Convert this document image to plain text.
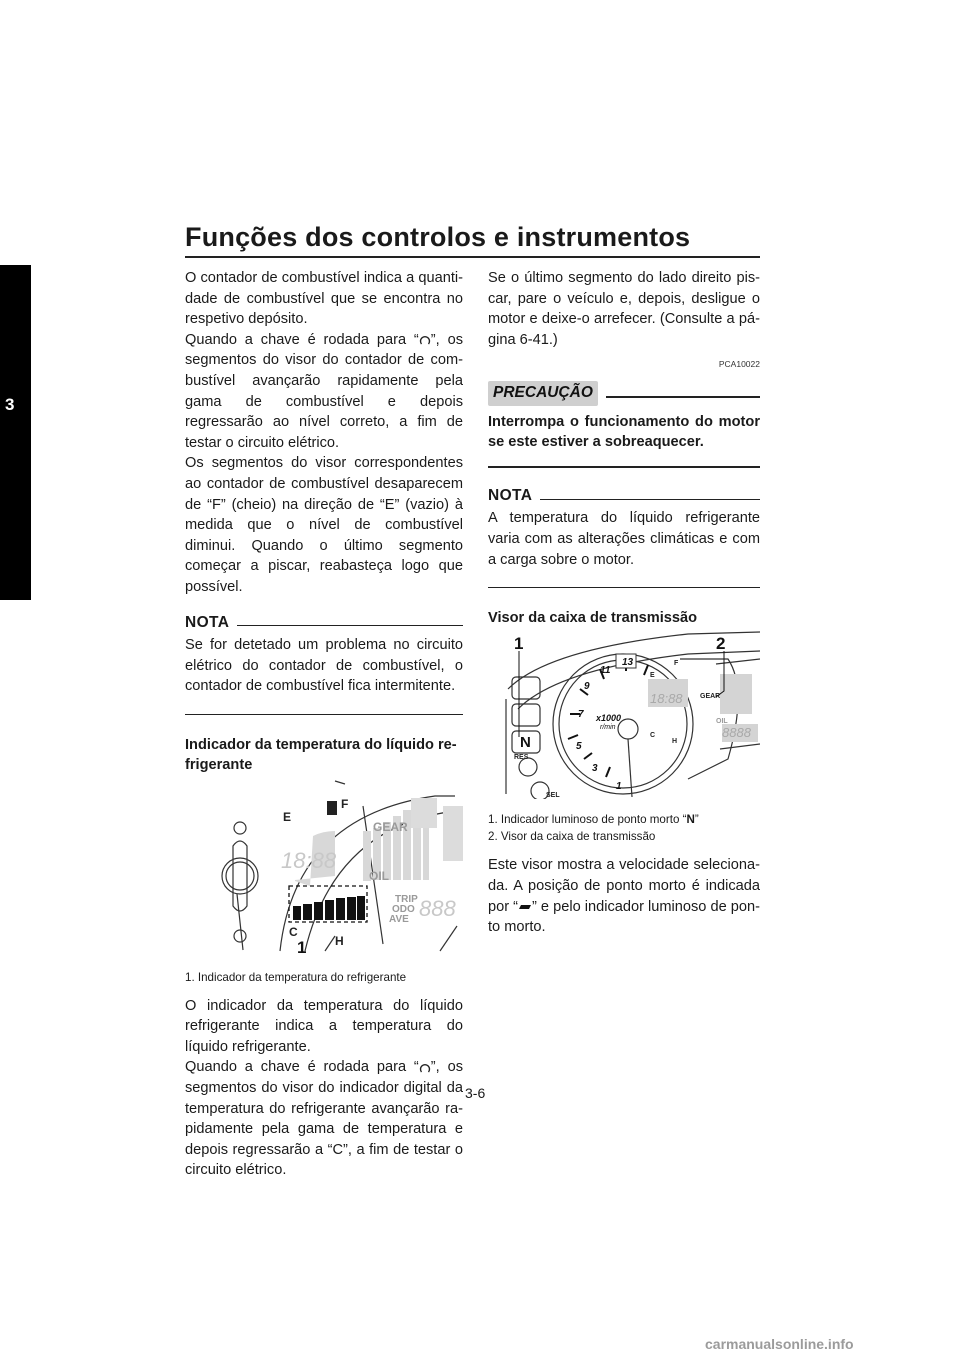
Funções dos controlos e instrumentos
3

O contador de combustível indica a quantidade de combustível que se encontra no respetivo depósito.

Quando a chave é rodada para “ ”, os segmentos do visor do contador de combustível avançarão rapidamente pela gama de combustível e depois regressarão ao nível correto, a fim de testar o circuito elétrico.

Os segmentos do visor correspondentes ao contador de combustível desaparecem de “F” (cheio) na direção de “E” (vazio) à medida que o nível de combustível diminui. Quando o último segmento começar a piscar, reabasteça logo que possível.

NOTA

Se for detetado um problema no circuito elétrico do contador de combustível, o contador de combustível fica intermitente.

Indicador da temperatura do líquido refrigerante

GEAR
OIL
TRIP
ODO
AVE
18:88
888
E
F
C
H
1
1. Indicador da temperatura do refrigerante

O indicador da temperatura do líquido refrigerante indica a temperatura do líquido refrigerante.

Quando a chave é rodada para “ ”, os segmentos do visor do indicador digital da temperatura do refrigerante avançarão rapidamente pela gama de temperatura e depois regressarão a “C”, a fim de testar o circuito elétrico.

Se o último segmento do lado direito piscar, pare o veículo e, depois, desligue o motor e deixe-o arrefecer. (Consulte a página 6-41.)

PCA10022
PRECAUÇÃO

Interrompa o funcionamento do motor se este estiver a sobreaquecer.

NOTA

A temperatura do líquido refrigerante varia com as alterações climáticas e com a carga sobre o motor.

Visor da caixa de transmissão

N
RES
SEL
GEAR
OIL
x1000
r/min
18:88
8888
E
F
C
H
1
3
5
7
9
11
13
1	2
1. Indicador luminoso de ponto morto “N”
2. Visor da caixa de transmissão

Este visor mostra a velocidade selecionada. A posição de ponto morto é indicada por “ ” e pelo indicador luminoso de ponto morto.

3-6
carmanualsonline.info
